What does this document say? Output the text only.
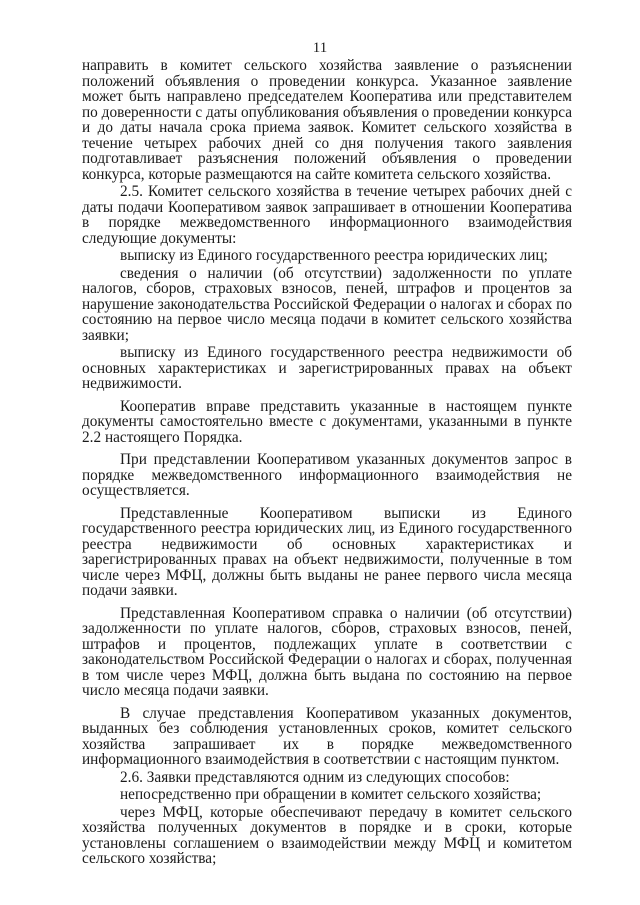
11

направить в комитет сельского хозяйства заявление о разъяснении положений объявления о проведении конкурса. Указанное заявление может быть направлено председателем Кооператива или представителем по доверенности с даты опубликования объявления о проведении конкурса и до даты начала срока приема заявок. Комитет сельского хозяйства в течение четырех рабочих дней со дня получения такого заявления подготавливает разъяснения положений объявления о проведении конкурса, которые размещаются на сайте комитета сельского хозяйства.

2.5. Комитет сельского хозяйства в течение четырех рабочих дней с даты подачи Кооперативом заявок запрашивает в отношении Кооператива в порядке межведомственного информационного взаимодействия следующие документы:

выписку из Единого государственного реестра юридических лиц;

сведения о наличии (об отсутствии) задолженности по уплате налогов, сборов, страховых взносов, пеней, штрафов и процентов за нарушение законодательства Российской Федерации о налогах и сборах по состоянию на первое число месяца подачи в комитет сельского хозяйства заявки;

выписку из Единого государственного реестра недвижимости об основных характеристиках и зарегистрированных правах на объект недвижимости.

Кооператив вправе представить указанные в настоящем пункте документы самостоятельно вместе с документами, указанными в пункте 2.2 настоящего Порядка.

При представлении Кооперативом указанных документов запрос в порядке межведомственного информационного взаимодействия не осуществляется.

Представленные Кооперативом выписки из Единого государственного реестра юридических лиц, из Единого государственного реестра недвижимости об основных характеристиках и зарегистрированных правах на объект недвижимости, полученные в том числе через МФЦ, должны быть выданы не ранее первого числа месяца подачи заявки.

Представленная Кооперативом справка о наличии (об отсутствии) задолженности по уплате налогов, сборов, страховых взносов, пеней, штрафов и процентов, подлежащих уплате в соответствии с законодательством Российской Федерации о налогах и сборах, полученная в том числе через МФЦ, должна быть выдана по состоянию на первое число месяца подачи заявки.

В случае представления Кооперативом указанных документов, выданных без соблюдения установленных сроков, комитет сельского хозяйства запрашивает их в порядке межведомственного информационного взаимодействия в соответствии с настоящим пунктом.

2.6. Заявки представляются одним из следующих способов:

непосредственно при обращении в комитет сельского хозяйства;

через МФЦ, которые обеспечивают передачу в комитет сельского хозяйства полученных документов в порядке и в сроки, которые установлены соглашением о взаимодействии между МФЦ и комитетом сельского хозяйства;
